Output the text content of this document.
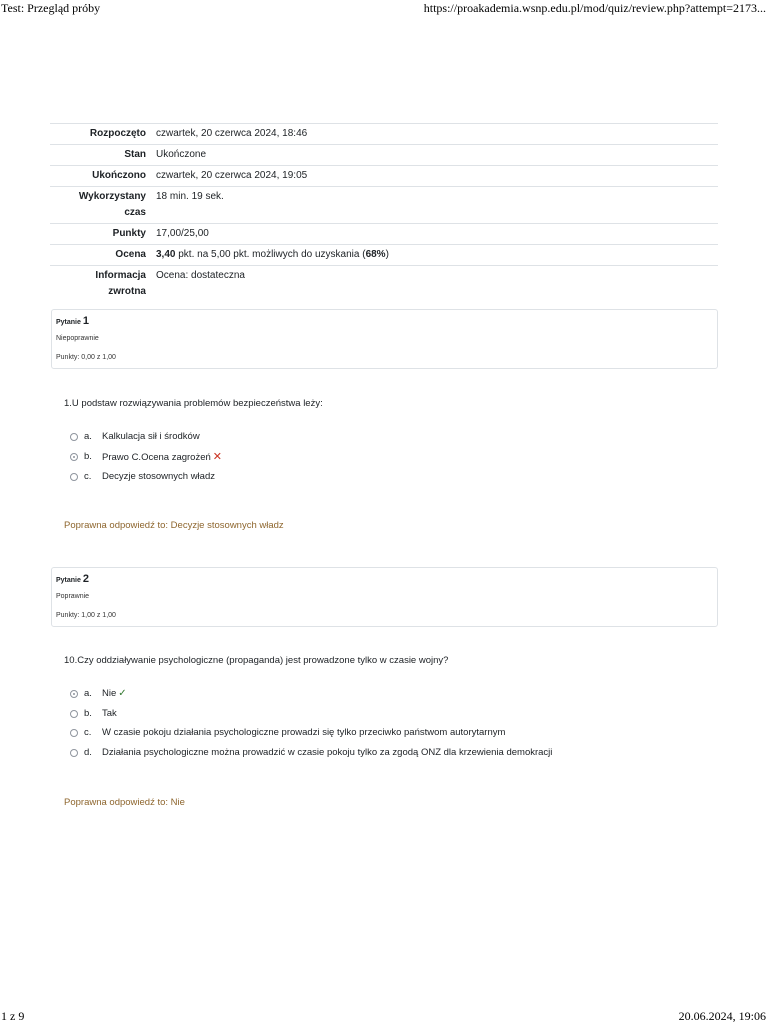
Test: Przegląd próby	https://proakademia.wsnp.edu.pl/mod/quiz/review.php?attempt=2173...
Rozpoczęto	czwartek, 20 czerwca 2024, 18:46
Stan	Ukończone
Ukończono	czwartek, 20 czerwca 2024, 19:05
Wykorzystany
czas	18 min. 19 sek.
Punkty	17,00/25,00
Ocena	3,40 pkt. na 5,00 pkt. możliwych do uzyskania (68%)
Informacja
zwrotna	Ocena: dostateczna
Pytanie 1
Niepoprawnie
Punkty: 0,00 z 1,00
1.U podstaw rozwiązywania problemów bezpieczeństwa leży:
a. Kalkulacja sił i środków
b. Prawo C.Ocena zagrożeń ✕
c. Decyzje stosownych władz
Poprawna odpowiedź to: Decyzje stosownych władz
Pytanie 2
Poprawnie
Punkty: 1,00 z 1,00
10.Czy oddziaływanie psychologiczne (propaganda) jest prowadzone tylko w czasie wojny?
a. Nie ✓
b. Tak
c. W czasie pokoju działania psychologiczne prowadzi się tylko przeciwko państwom autorytarnym
d. Działania psychologiczne można prowadzić w czasie pokoju tylko za zgodą ONZ dla krzewienia demokracji
Poprawna odpowiedź to: Nie
1 z 9	20.06.2024, 19:06
